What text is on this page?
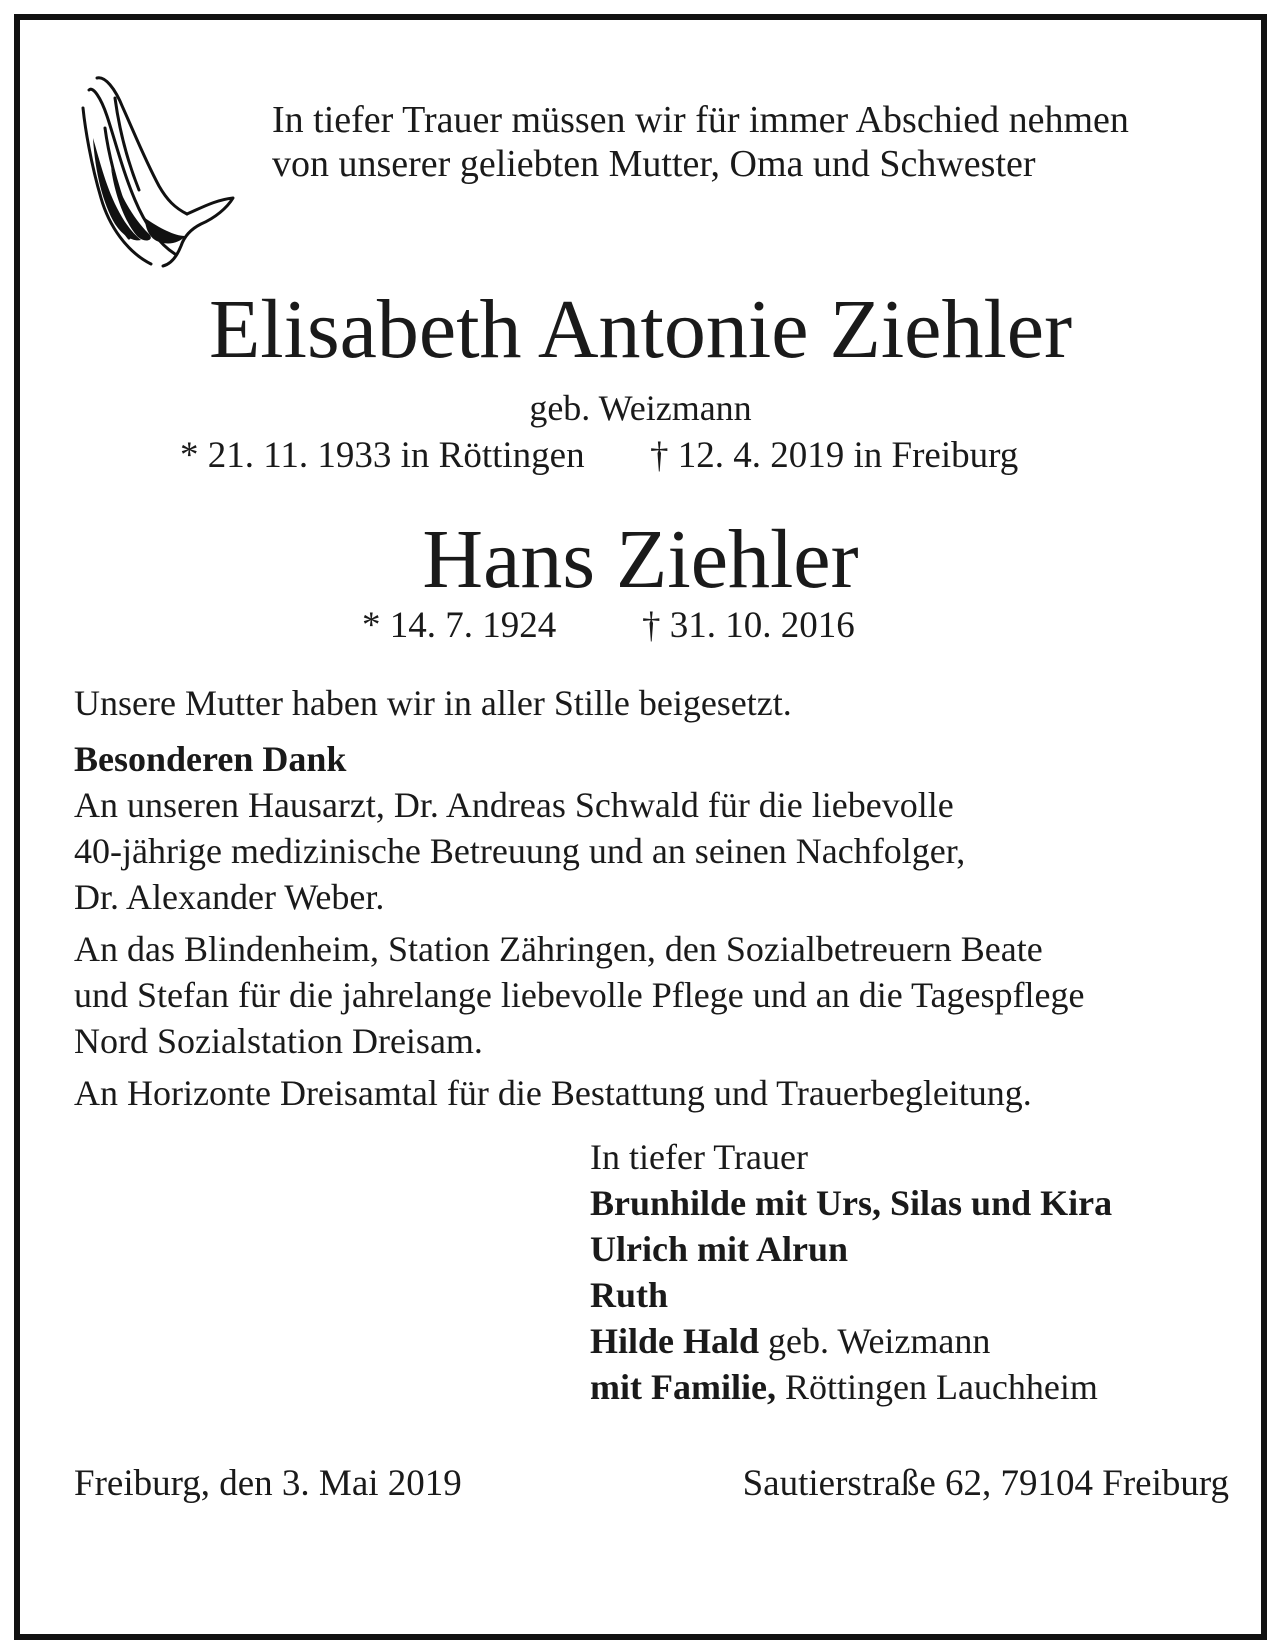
In tiefer Trauer müssen wir für immer Abschied nehmen
von unserer geliebten Mutter, Oma und Schwester
Elisabeth Antonie Ziehler
geb. Weizmann
* 21. 11. 1933 in Röttingen † 12. 4. 2019 in Freiburg
Hans Ziehler
* 14. 7. 1924 † 31. 10. 2016

Unsere Mutter haben wir in aller Stille beigesetzt.

Besonderen Dank
An unseren Hausarzt, Dr. Andreas Schwald für die liebevolle
40-jährige medizinische Betreuung und an seinen Nachfolger,
Dr. Alexander Weber.

An das Blindenheim, Station Zähringen, den Sozialbetreuern Beate
und Stefan für die jahrelange liebevolle Pflege und an die Tagespflege
Nord Sozialstation Dreisam.

An Horizonte Dreisamtal für die Bestattung und Trauerbegleitung.

In tiefer Trauer
Brunhilde mit Urs, Silas und Kira
Ulrich mit Alrun
Ruth
Hilde Hald geb. Weizmann
mit Familie, Röttingen Lauchheim
Freiburg, den 3. Mai 2019	Sautierstraße 62, 79104 Freiburg
